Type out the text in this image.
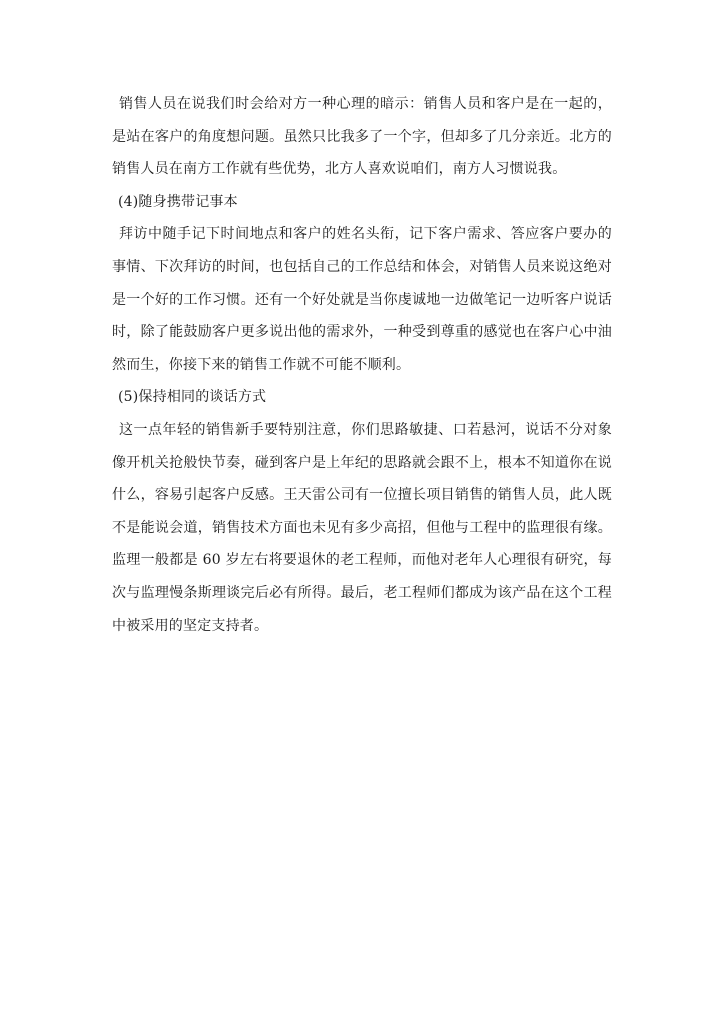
销售人员在说我们时会给对方一种心理的暗示：销售人员和客户是在一起的，是站在客户的角度想问题。虽然只比我多了一个字，但却多了几分亲近。北方的销售人员在南方工作就有些优势，北方人喜欢说咱们，南方人习惯说我。

(4)随身携带记事本

拜访中随手记下时间地点和客户的姓名头衔，记下客户需求、答应客户要办的事情、下次拜访的时间，也包括自己的工作总结和体会，对销售人员来说这绝对是一个好的工作习惯。还有一个好处就是当你虔诚地一边做笔记一边听客户说话时，除了能鼓励客户更多说出他的需求外，一种受到尊重的感觉也在客户心中油然而生，你接下来的销售工作就不可能不顺利。

(5)保持相同的谈话方式

这一点年轻的销售新手要特别注意，你们思路敏捷、口若悬河，说话不分对象像开机关抢般快节奏，碰到客户是上年纪的思路就会跟不上，根本不知道你在说什么，容易引起客户反感。王天雷公司有一位擅长项目销售的销售人员，此人既不是能说会道，销售技术方面也未见有多少高招，但他与工程中的监理很有缘。监理一般都是 60 岁左右将要退休的老工程师，而他对老年人心理很有研究，每次与监理慢条斯理谈完后必有所得。最后，老工程师们都成为该产品在这个工程中被采用的坚定支持者。
